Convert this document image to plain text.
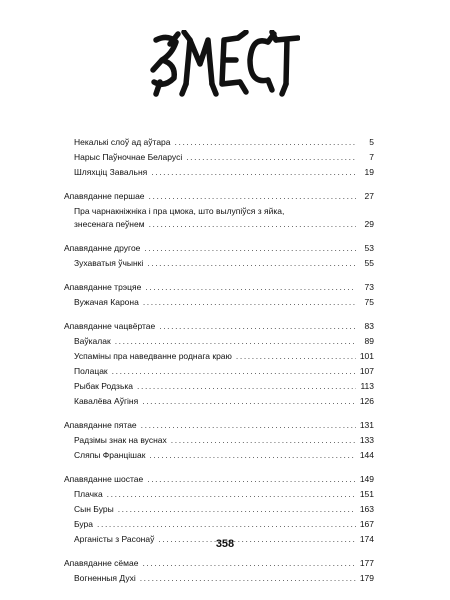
Некалькі слоў ад аўтара .....	5
Нарыс Паўночнае Беларусі .....	7
Шляхціц Завальня .....	19
Апавяданне першае .....	27
Пра чарнакніжніка і пра цмока, што вылупіўся з яйка,
знесенага пеўнем .....	29
Апавяданне другое .....	53
Зухаватыя ўчынкі .....	55
Апавяданне трэцяе .....	73
Вужачая Карона .....	75
Апавяданне чацвёртае .....	83
Ваўкалак .....	89
Успаміны пра наведванне роднага краю .....	101
Полацак .....	107
Рыбак Родзька .....	113
Кавалёва Аўгіня .....	126
Апавяданне пятае .....	131
Радзімы знак на вуснах .....	133
Сляпы Францішак .....	144
Апавяданне шостае .....	149
Плачка .....	151
Сын Буры .....	163
Бура .....	167
Арганісты з Расонаў .....	174
Апавяданне сёмае .....	177
Вогненныя Духі .....	179
358
